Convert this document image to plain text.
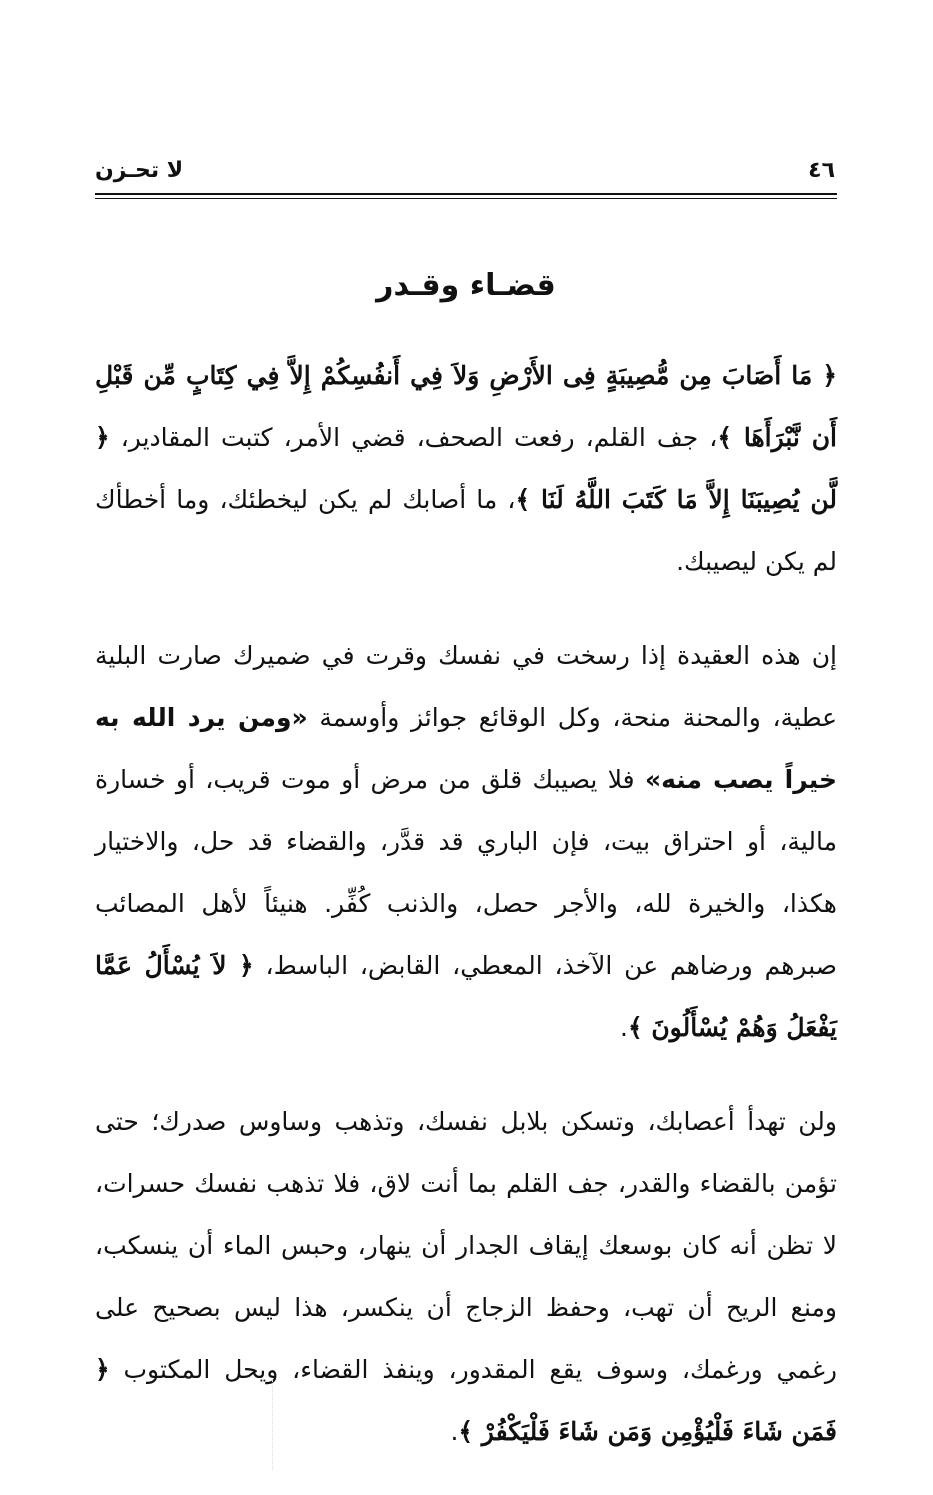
٤٦
لا تحـزن
قضـاء وقـدر

﴿ مَا أَصَابَ مِن مُّصِيبَةٍ فِى الأَرْضِ وَلاَ فِي أَنفُسِكُمْ إِلاَّ فِي كِتَابٍ مِّن قَبْلِ أَن نَّبْرَأَهَا ﴾، جف القلم، رفعت الصحف، قضي الأمر، كتبت المقادير، ﴿ لَّن يُصِيبَنَا إِلاَّ مَا كَتَبَ اللَّهُ لَنَا ﴾، ما أصابك لم يكن ليخطئك، وما أخطأك لم يكن ليصيبك.

إن هذه العقيدة إذا رسخت في نفسك وقرت في ضميرك صارت البلية عطية، والمحنة منحة، وكل الوقائع جوائز وأوسمة «ومن يرد الله به خيراً يصب منه» فلا يصيبك قلق من مرض أو موت قريب، أو خسارة مالية، أو احتراق بيت، فإن الباري قد قدَّر، والقضاء قد حل، والاختيار هكذا، والخيرة لله، والأجر حصل، والذنب كُفِّر. هنيئاً لأهل المصائب صبرهم ورضاهم عن الآخذ، المعطي، القابض، الباسط، ﴿ لاَ يُسْأَلُ عَمَّا يَفْعَلُ وَهُمْ يُسْأَلُونَ ﴾.

ولن تهدأ أعصابك، وتسكن بلابل نفسك، وتذهب وساوس صدرك؛ حتى تؤمن بالقضاء والقدر، جف القلم بما أنت لاق، فلا تذهب نفسك حسرات، لا تظن أنه كان بوسعك إيقاف الجدار أن ينهار، وحبس الماء أن ينسكب، ومنع الريح أن تهب، وحفظ الزجاج أن ينكسر، هذا ليس بصحيح على رغمي ورغمك، وسوف يقع المقدور، وينفذ القضاء، ويحل المكتوب ﴿ فَمَن شَاءَ فَلْيُؤْمِن وَمَن شَاءَ فَلْيَكْفُرْ ﴾.
